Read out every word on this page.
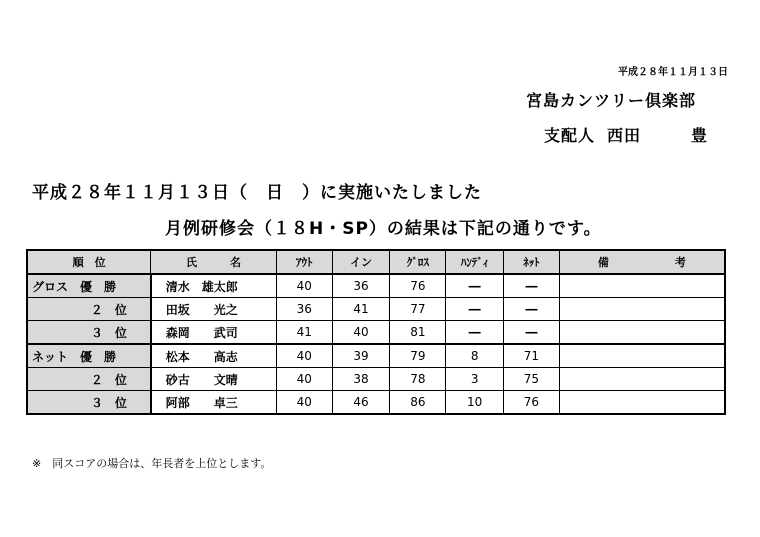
平成２８年１１月１３日
宮島カンツリー倶楽部
支配人 西田	豊
平成２８年１１月１３日（　日　）に実施いたしました
月例研修会（１８H・SP）の結果は下記の通りです。
順　位	氏　　　名	ｱｳﾄ	イン	ｸﾞﾛｽ	ﾊﾝﾃﾞｨ	ﾈｯﾄ	備　　　　　　考
グロス　優　勝	清水　雄太郎	40	36	76	―	―	
２　位	田坂　　光之	36	41	77	―	―	
３　位	森岡　　武司	41	40	81	―	―	
ネット　優　勝	松本　　高志	40	39	79	8	71	
２　位	砂古　　文晴	40	38	78	3	75	
３　位	阿部　　卓三	40	46	86	10	76	
※　同スコアの場合は、年長者を上位とします。
